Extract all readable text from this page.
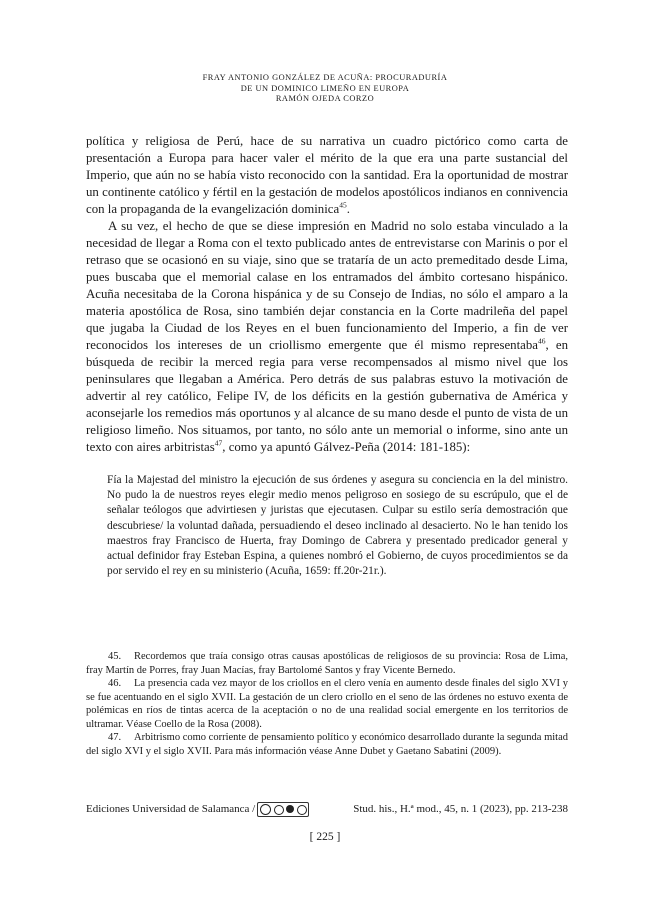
FRAY ANTONIO GONZÁLEZ DE ACUÑA: PROCURADURÍA
DE UN DOMINICO LIMEÑO EN EUROPA
RAMÓN OJEDA CORZO

política y religiosa de Perú, hace de su narrativa un cuadro pictórico como carta de presentación a Europa para hacer valer el mérito de la que era una parte sustancial del Imperio, que aún no se había visto reconocido con la santidad. Era la oportunidad de mostrar un continente católico y fértil en la gestación de modelos apostólicos indianos en connivencia con la propaganda de la evangelización dominica$^{45}$.

A su vez, el hecho de que se diese impresión en Madrid no solo estaba vinculado a la necesidad de llegar a Roma con el texto publicado antes de entrevistarse con Marinis o por el retraso que se ocasionó en su viaje, sino que se trataría de un acto premeditado desde Lima, pues buscaba que el memorial calase en los entramados del ámbito cortesano hispánico. Acuña necesitaba de la Corona hispánica y de su Consejo de Indias, no sólo el amparo a la materia apostólica de Rosa, sino también dejar constancia en la Corte madrileña del papel que jugaba la Ciudad de los Reyes en el buen funcionamiento del Imperio, a fin de ver reconocidos los intereses de un criollismo emergente que él mismo representaba$^{46}$, en búsqueda de recibir la merced regia para verse recompensados al mismo nivel que los peninsulares que llegaban a América. Pero detrás de sus palabras estuvo la motivación de advertir al rey católico, Felipe IV, de los déficits en la gestión gubernativa de América y aconsejarle los remedios más oportunos y al alcance de su mano desde el punto de vista de un religioso limeño. Nos situamos, por tanto, no sólo ante un memorial o informe, sino ante un texto con aires arbitristas$^{47}$, como ya apuntó Gálvez-Peña (2014: 181-185):

Fía la Majestad del ministro la ejecución de sus órdenes y asegura su conciencia en la del ministro. No pudo la de nuestros reyes elegir medio menos peligroso en sosiego de su escrúpulo, que el de señalar teólogos que advirtiesen y juristas que ejecutasen. Culpar su estilo sería demostración que descubriese/ la voluntad dañada, persuadiendo el deseo inclinado al desacierto. No le han tenido los maestros fray Francisco de Huerta, fray Domingo de Cabrera y presentado predicador general y actual definidor fray Esteban Espina, a quienes nombró el Gobierno, de cuyos procedimientos se da por servido el rey en su ministerio (Acuña, 1659: ff.20r-21r.).

45. Recordemos que traía consigo otras causas apostólicas de religiosos de su provincia: Rosa de Lima, fray Martín de Porres, fray Juan Macías, fray Bartolomé Santos y fray Vicente Bernedo.

46. La presencia cada vez mayor de los criollos en el clero venía en aumento desde finales del siglo XVI y se fue acentuando en el siglo XVII. La gestación de un clero criollo en el seno de las órdenes no estuvo exenta de polémicas en ríos de tintas acerca de la aceptación o no de una realidad social emergente en los territorios de ultramar. Véase Coello de la Rosa (2008).

47. Arbitrismo como corriente de pensamiento político y económico desarrollado durante la segunda mitad del siglo XVI y el siglo XVII. Para más información véase Anne Dubet y Gaetano Sabatini (2009).

Ediciones Universidad de Salamanca /	Stud. his., H.ª mod., 45, n. 1 (2023), pp. 213-238
[ 225 ]
